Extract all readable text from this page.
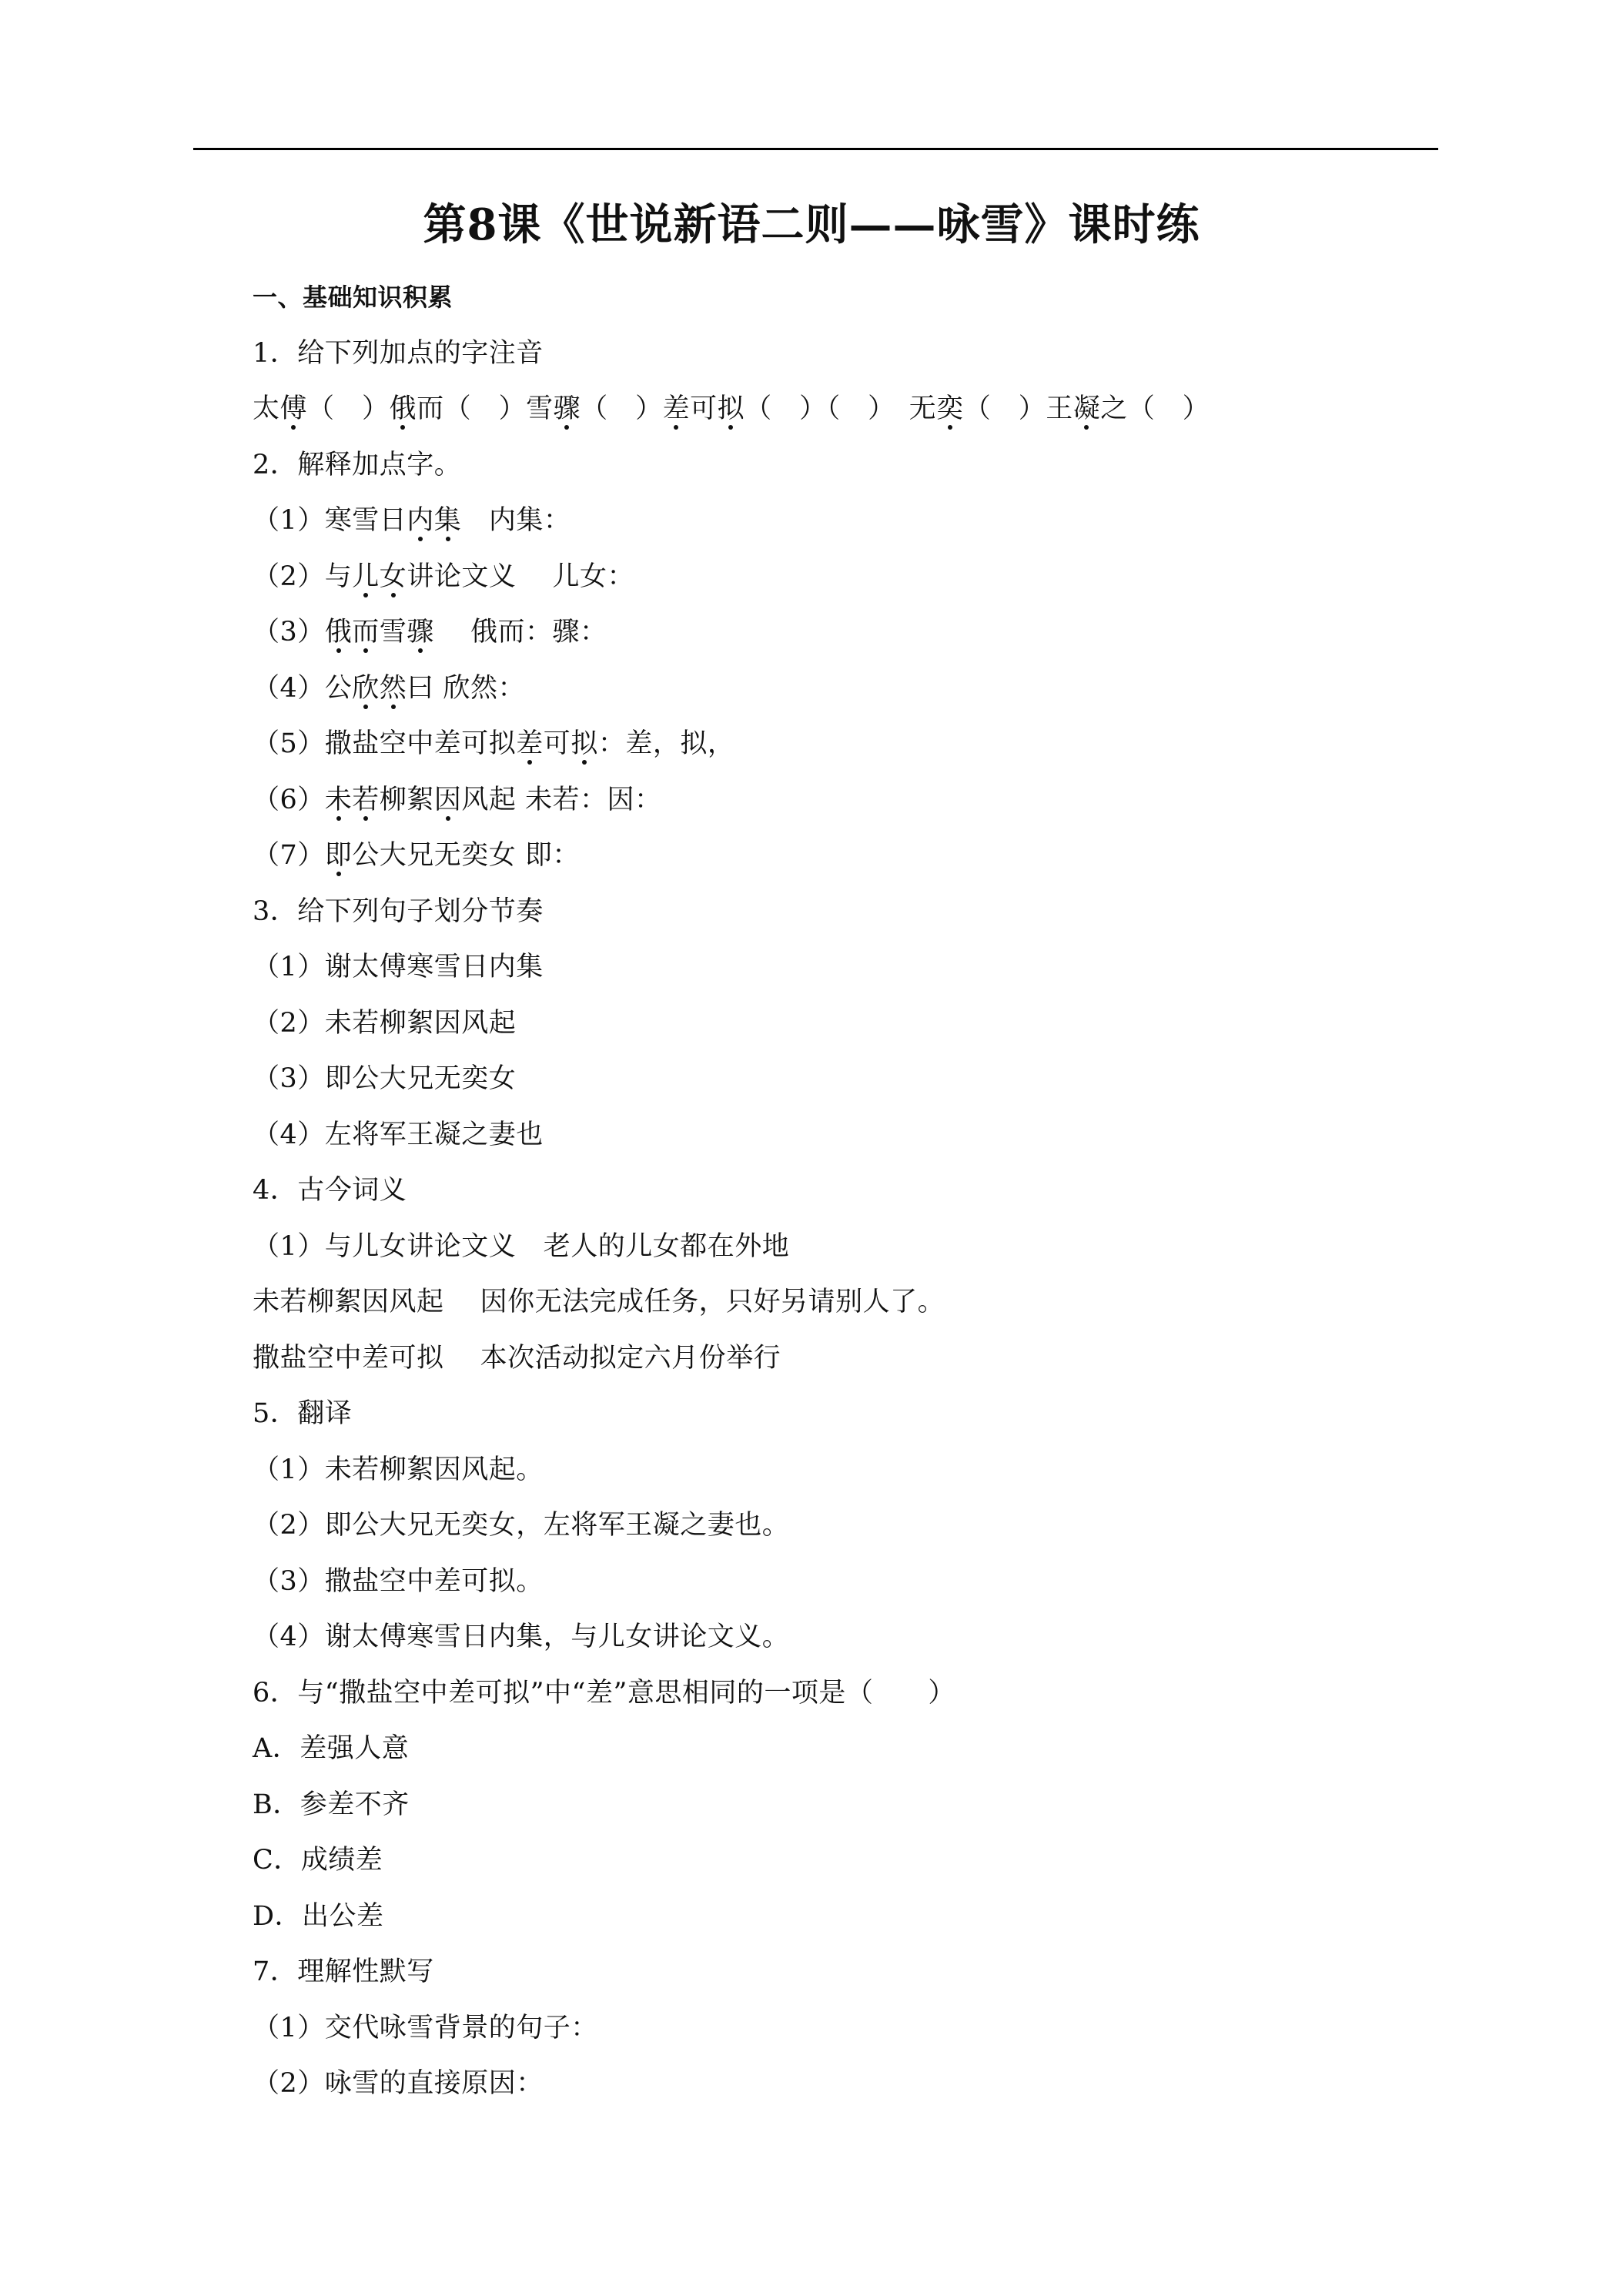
第8课《世说新语二则——咏雪》课时练
一、基础知识积累
1．给下列加点的字注音
太傅（　）俄而（　）雪骤（　）差可拟（　）（　）　无奕（　）王凝之（　）
2．解释加点字。
（1）寒雪日内集　内集：
（2）与儿女讲论文义　 儿女：
（3）俄而雪骤　 俄而：骤：
（4）公欣然曰 欣然：
（5）撒盐空中差可拟差可拟：差，拟，
（6）未若柳絮因风起 未若：因：
（7）即公大兄无奕女 即：
3．给下列句子划分节奏
（1）谢太傅寒雪日内集
（2）未若柳絮因风起
（3）即公大兄无奕女
（4）左将军王凝之妻也
4．古今词义
（1）与儿女讲论文义　老人的儿女都在外地
未若柳絮因风起　 因你无法完成任务，只好另请别人了。
撒盐空中差可拟　 本次活动拟定六月份举行
5．翻译
（1）未若柳絮因风起。
（2）即公大兄无奕女，左将军王凝之妻也。
（3）撒盐空中差可拟。
（4）谢太傅寒雪日内集，与儿女讲论文义。
6．与“撒盐空中差可拟”中“差”意思相同的一项是（　　）
A．差强人意
B．参差不齐
C．成绩差
D．出公差
7．理解性默写
（1）交代咏雪背景的句子：
（2）咏雪的直接原因：
